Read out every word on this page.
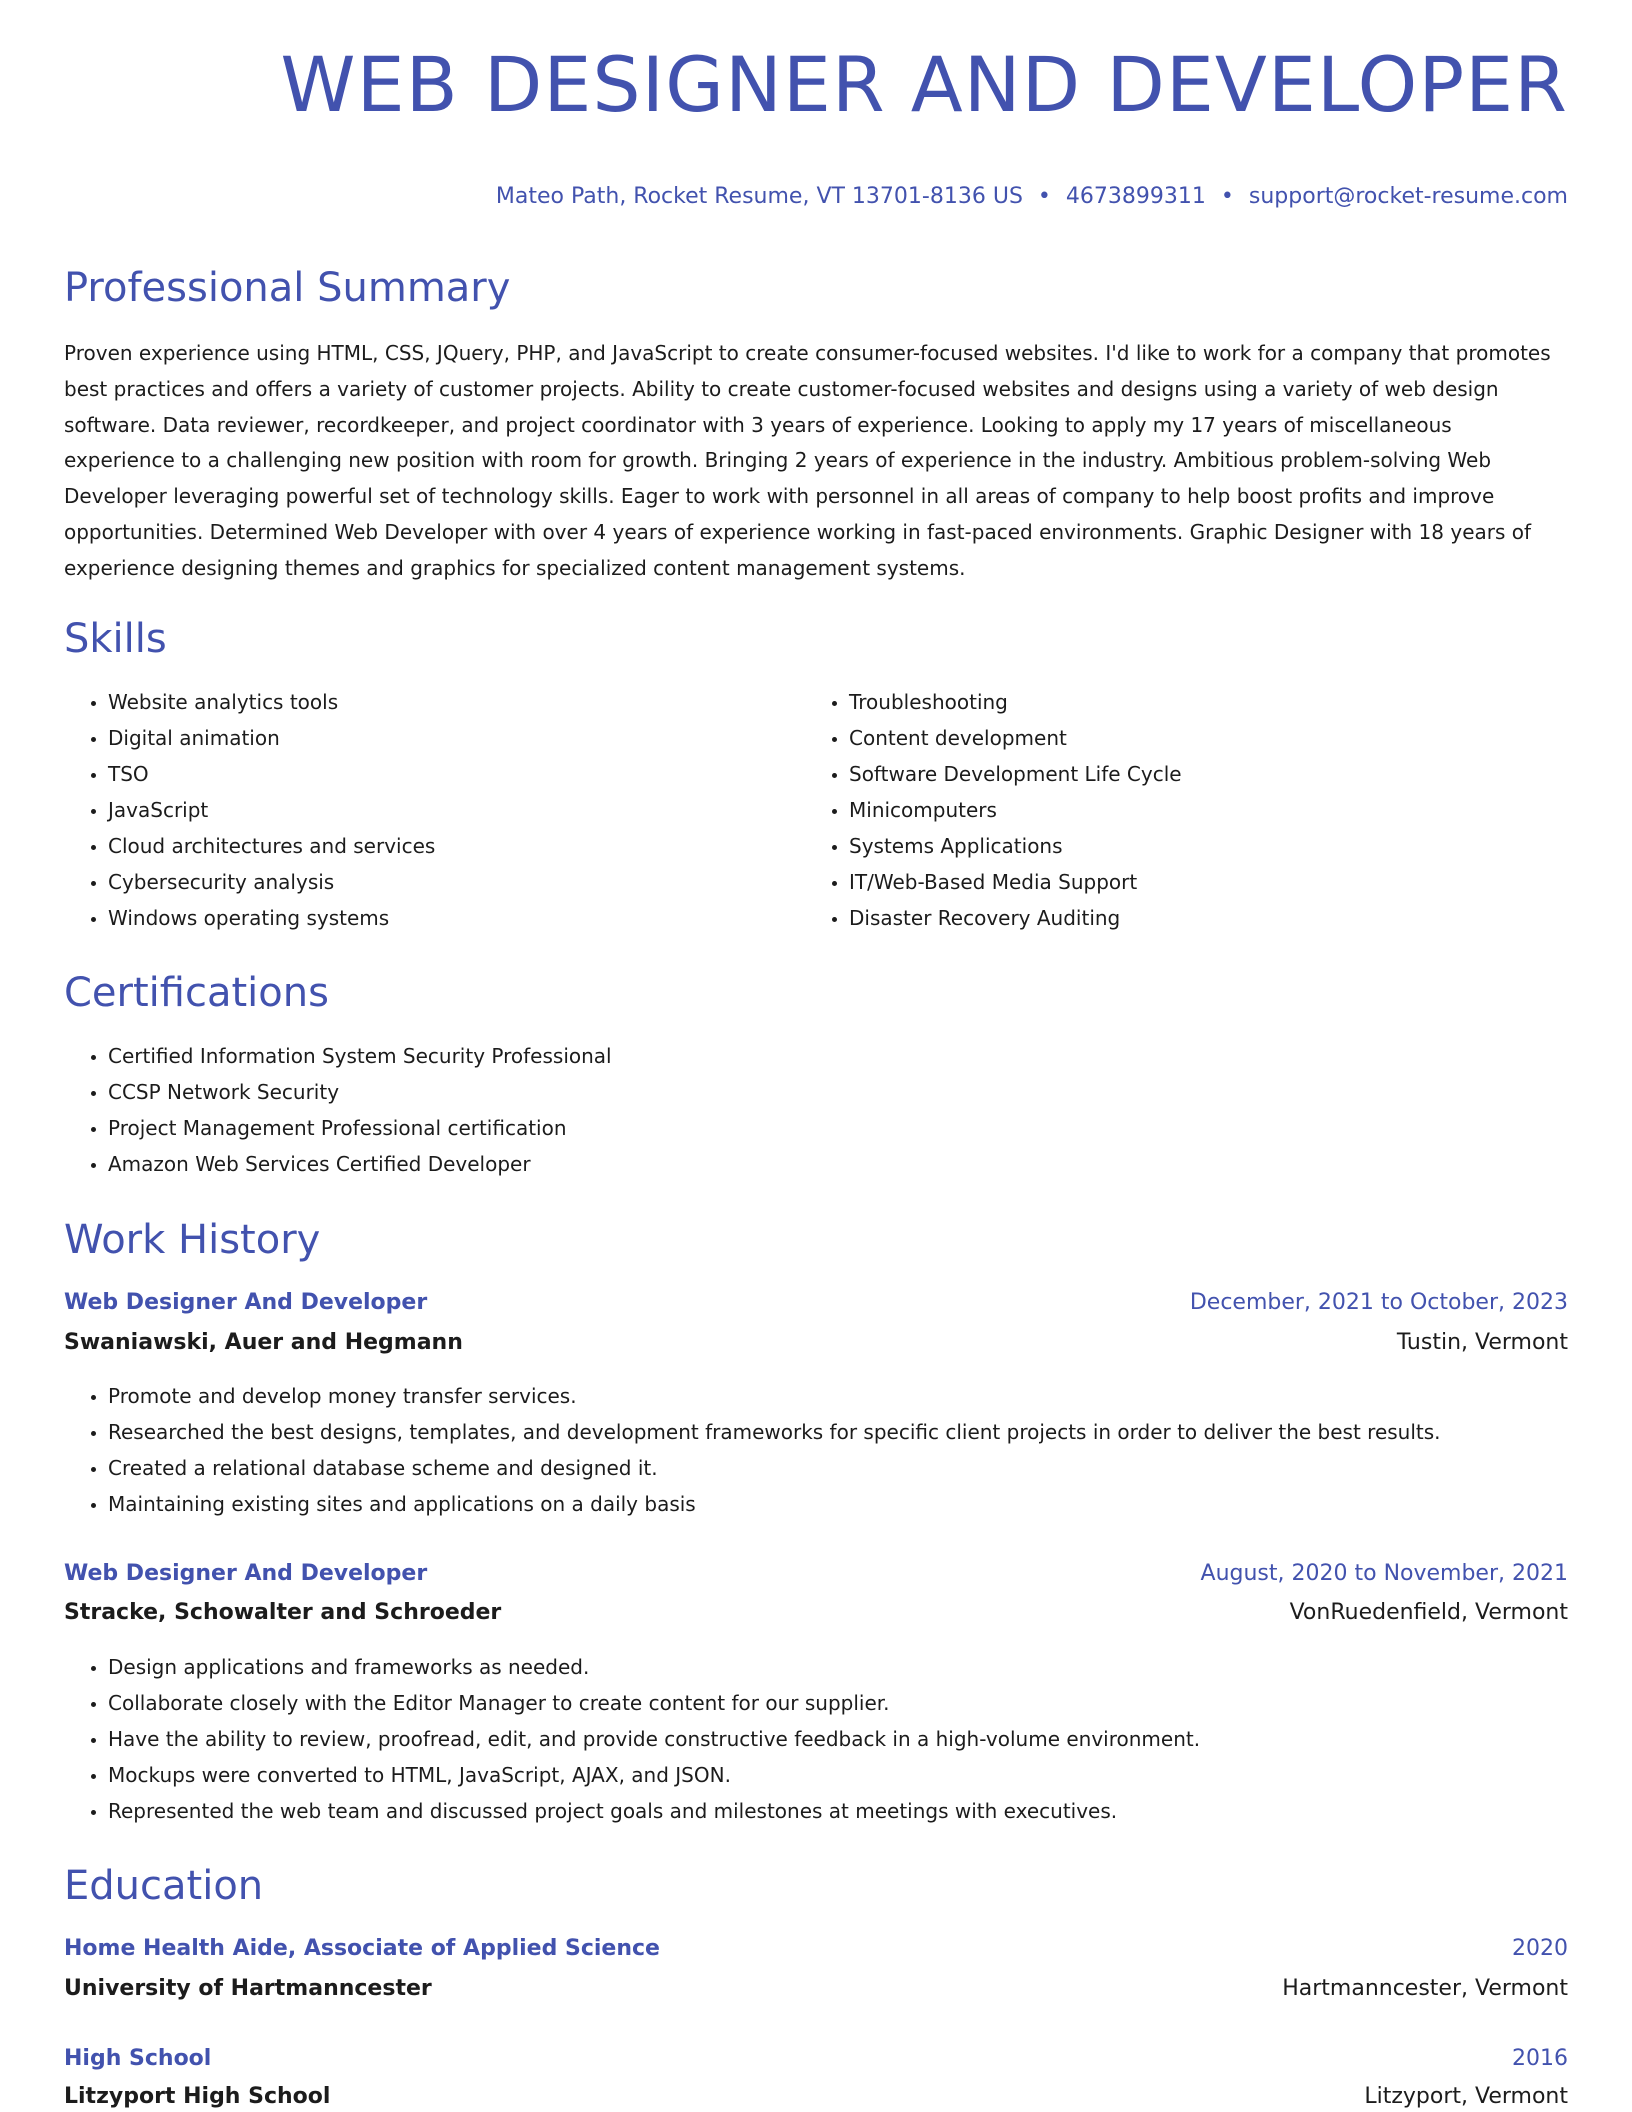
WEB DESIGNER AND DEVELOPER
Mateo Path, Rocket Resume, VT 13701-8136 US • 4673899311 • support@rocket-resume.com
Professional Summary

Proven experience using HTML, CSS, JQuery, PHP, and JavaScript to create consumer-focused websites. I'd like to work for a company that promotes best practices and offers a variety of customer projects. Ability to create customer-focused websites and designs using a variety of web design software. Data reviewer, recordkeeper, and project coordinator with 3 years of experience. Looking to apply my 17 years of miscellaneous experience to a challenging new position with room for growth. Bringing 2 years of experience in the industry. Ambitious problem-solving Web Developer leveraging powerful set of technology skills. Eager to work with personnel in all areas of company to help boost profits and improve opportunities. Determined Web Developer with over 4 years of experience working in fast-paced environments. Graphic Designer with 18 years of experience designing themes and graphics for specialized content management systems.

Skills
• Website analytics tools
• Digital animation
• TSO
• JavaScript
• Cloud architectures and services
• Cybersecurity analysis
• Windows operating systems
• Troubleshooting
• Content development
• Software Development Life Cycle
• Minicomputers
• Systems Applications
• IT/Web-Based Media Support
• Disaster Recovery Auditing
Certifications
• Certified Information System Security Professional
• CCSP Network Security
• Project Management Professional certification
• Amazon Web Services Certified Developer
Work History
Web Designer And Developer	December, 2021 to October, 2023
Swaniawski, Auer and Hegmann	Tustin, Vermont
• Promote and develop money transfer services.
• Researched the best designs, templates, and development frameworks for specific client projects in order to deliver the best results.
• Created a relational database scheme and designed it.
• Maintaining existing sites and applications on a daily basis
Web Designer And Developer	August, 2020 to November, 2021
Stracke, Schowalter and Schroeder	VonRuedenfield, Vermont
• Design applications and frameworks as needed.
• Collaborate closely with the Editor Manager to create content for our supplier.
• Have the ability to review, proofread, edit, and provide constructive feedback in a high-volume environment.
• Mockups were converted to HTML, JavaScript, AJAX, and JSON.
• Represented the web team and discussed project goals and milestones at meetings with executives.
Education
Home Health Aide, Associate of Applied Science	2020
University of Hartmanncester	Hartmanncester, Vermont
High School	2016
Litzyport High School	Litzyport, Vermont
